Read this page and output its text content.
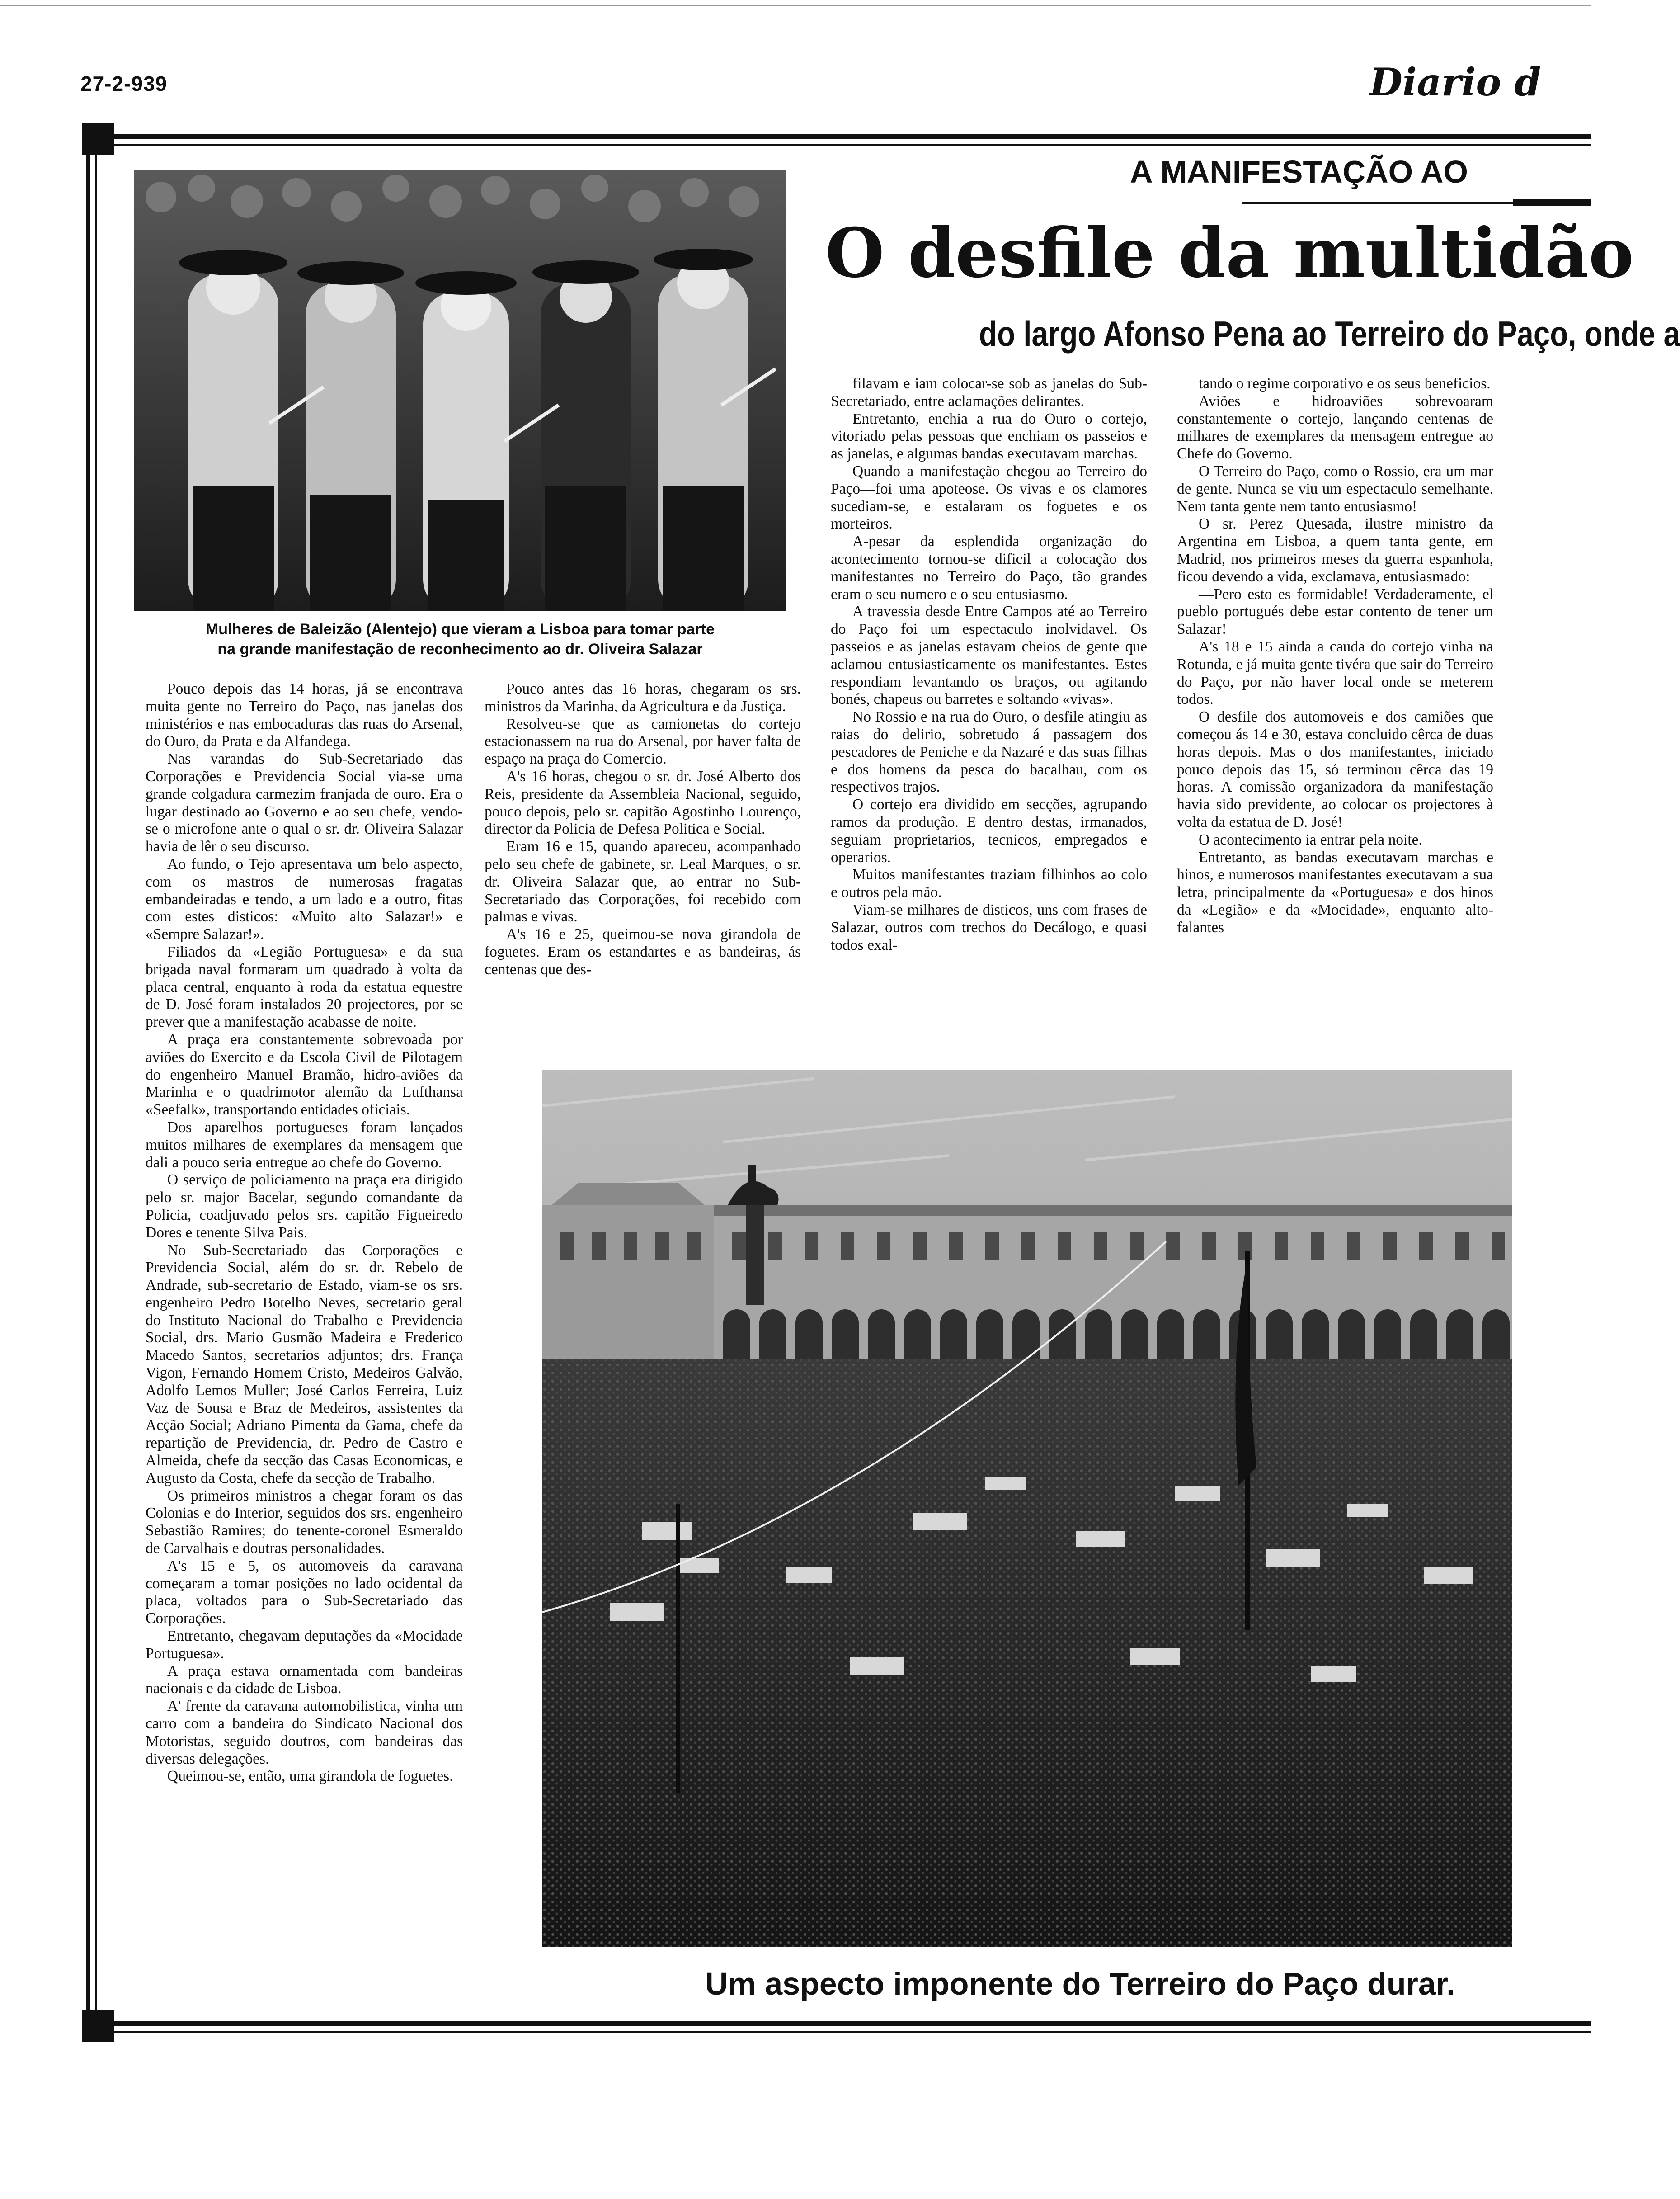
27-2-939	Diario d
Mulheres de Baleizão (Alentejo) que vieram a Lisboa para tomar parte
na grande manifestação de reconhecimento ao dr. Oliveira Salazar
A MANIFESTAÇÃO AO
O desfile da multidão
do largo Afonso Pena ao Terreiro do Paço, onde a

Pouco depois das 14 horas, já se encontrava muita gente no Terreiro do Paço, nas janelas dos ministérios e nas embocaduras das ruas do Arsenal, do Ouro, da Prata e da Alfandega.

Nas varandas do Sub-Secretariado das Corporações e Previdencia Social via-se uma grande colgadura carmezim franjada de ouro. Era o lugar destinado ao Governo e ao seu chefe, vendo-se o microfone ante o qual o sr. dr. Oliveira Salazar havia de lêr o seu discurso.

Ao fundo, o Tejo apresentava um belo aspecto, com os mastros de numerosas fragatas embandeiradas e tendo, a um lado e a outro, fitas com estes disticos: «Muito alto Salazar!» e «Sempre Salazar!».

Filiados da «Legião Portuguesa» e da sua brigada naval formaram um quadrado à volta da placa central, enquanto à roda da estatua equestre de D. José foram instalados 20 projectores, por se prever que a manifestação acabasse de noite.

A praça era constantemente sobrevoada por aviões do Exercito e da Escola Civil de Pilotagem do engenheiro Manuel Bramão, hidro-aviões da Marinha e o quadrimotor alemão da Lufthansa «Seefalk», transportando entidades oficiais.

Dos aparelhos portugueses foram lançados muitos milhares de exemplares da mensagem que dali a pouco seria entregue ao chefe do Governo.

O serviço de policiamento na praça era dirigido pelo sr. major Bacelar, segundo comandante da Policia, coadjuvado pelos srs. capitão Figueiredo Dores e tenente Silva Pais.

No Sub-Secretariado das Corporações e Previdencia Social, além do sr. dr. Rebelo de Andrade, sub-secretario de Estado, viam-se os srs. engenheiro Pedro Botelho Neves, secretario geral do Instituto Nacional do Trabalho e Previdencia Social, drs. Mario Gusmão Madeira e Frederico Macedo Santos, secretarios adjuntos; drs. França Vigon, Fernando Homem Cristo, Medeiros Galvão, Adolfo Lemos Muller; José Carlos Ferreira, Luiz Vaz de Sousa e Braz de Medeiros, assistentes da Acção Social; Adriano Pimenta da Gama, chefe da repartição de Previdencia, dr. Pedro de Castro e Almeida, chefe da secção das Casas Economicas, e Augusto da Costa, chefe da secção de Trabalho.

Os primeiros ministros a chegar foram os das Colonias e do Interior, seguidos dos srs. engenheiro Sebastião Ramires; do tenente-coronel Esmeraldo de Carvalhais e doutras personalidades.

A's 15 e 5, os automoveis da caravana começaram a tomar posições no lado ocidental da placa, voltados para o Sub-Secretariado das Corporações.

Entretanto, chegavam deputações da «Mocidade Portuguesa».

A praça estava ornamentada com bandeiras nacionais e da cidade de Lisboa.

A' frente da caravana automobilistica, vinha um carro com a bandeira do Sindicato Nacional dos Motoristas, seguido doutros, com bandeiras das diversas delegações.

Queimou-se, então, uma girandola de foguetes.

Pouco antes das 16 horas, chegaram os srs. ministros da Marinha, da Agricultura e da Justiça.

Resolveu-se que as camionetas do cortejo estacionassem na rua do Arsenal, por haver falta de espaço na praça do Comercio.

A's 16 horas, chegou o sr. dr. José Alberto dos Reis, presidente da Assembleia Nacional, seguido, pouco depois, pelo sr. capitão Agostinho Lourenço, director da Policia de Defesa Politica e Social.

Eram 16 e 15, quando apareceu, acompanhado pelo seu chefe de gabinete, sr. Leal Marques, o sr. dr. Oliveira Salazar que, ao entrar no Sub-Secretariado das Corporações, foi recebido com palmas e vivas.

A's 16 e 25, queimou-se nova girandola de foguetes. Eram os estandartes e as bandeiras, ás centenas que des-

filavam e iam colocar-se sob as janelas do Sub-Secretariado, entre aclamações delirantes.

Entretanto, enchia a rua do Ouro o cortejo, vitoriado pelas pessoas que enchiam os passeios e as janelas, e algumas bandas executavam marchas.

Quando a manifestação chegou ao Terreiro do Paço—foi uma apoteose. Os vivas e os clamores sucediam-se, e estalaram os foguetes e os morteiros.

A-pesar da esplendida organização do acontecimento tornou-se dificil a colocação dos manifestantes no Terreiro do Paço, tão grandes eram o seu numero e o seu entusiasmo.

A travessia desde Entre Campos até ao Terreiro do Paço foi um espectaculo inolvidavel. Os passeios e as janelas estavam cheios de gente que aclamou entusiasticamente os manifestantes. Estes respondiam levantando os braços, ou agitando bonés, chapeus ou barretes e soltando «vivas».

No Rossio e na rua do Ouro, o desfile atingiu as raias do delirio, sobretudo á passagem dos pescadores de Peniche e da Nazaré e das suas filhas e dos homens da pesca do bacalhau, com os respectivos trajos.

O cortejo era dividido em secções, agrupando ramos da produção. E dentro destas, irmanados, seguiam proprietarios, tecnicos, empregados e operarios.

Muitos manifestantes traziam filhinhos ao colo e outros pela mão.

Viam-se milhares de disticos, uns com frases de Salazar, outros com trechos do Decálogo, e quasi todos exal-

tando o regime corporativo e os seus beneficios.

Aviões e hidroaviões sobrevoaram constantemente o cortejo, lançando centenas de milhares de exemplares da mensagem entregue ao Chefe do Governo.

O Terreiro do Paço, como o Rossio, era um mar de gente. Nunca se viu um espectaculo semelhante. Nem tanta gente nem tanto entusiasmo!

O sr. Perez Quesada, ilustre ministro da Argentina em Lisboa, a quem tanta gente, em Madrid, nos primeiros meses da guerra espanhola, ficou devendo a vida, exclamava, entusiasmado:

—Pero esto es formidable! Verdaderamente, el pueblo portugués debe estar contento de tener um Salazar!

A's 18 e 15 ainda a cauda do cortejo vinha na Rotunda, e já muita gente tivéra que sair do Terreiro do Paço, por não haver local onde se meterem todos.

O desfile dos automoveis e dos camiões que começou ás 14 e 30, estava concluido cêrca de duas horas depois. Mas o dos manifestantes, iniciado pouco depois das 15, só terminou cêrca das 19 horas. A comissão organizadora da manifestação havia sido previdente, ao colocar os projectores à volta da estatua de D. José!

O acontecimento ia entrar pela noite.

Entretanto, as bandas executavam marchas e hinos, e numerosos manifestantes executavam a sua letra, principalmente da «Portuguesa» e dos hinos da «Legião» e da «Mocidade», enquanto alto-falantes

Um aspecto imponente do Terreiro do Paço durar.
